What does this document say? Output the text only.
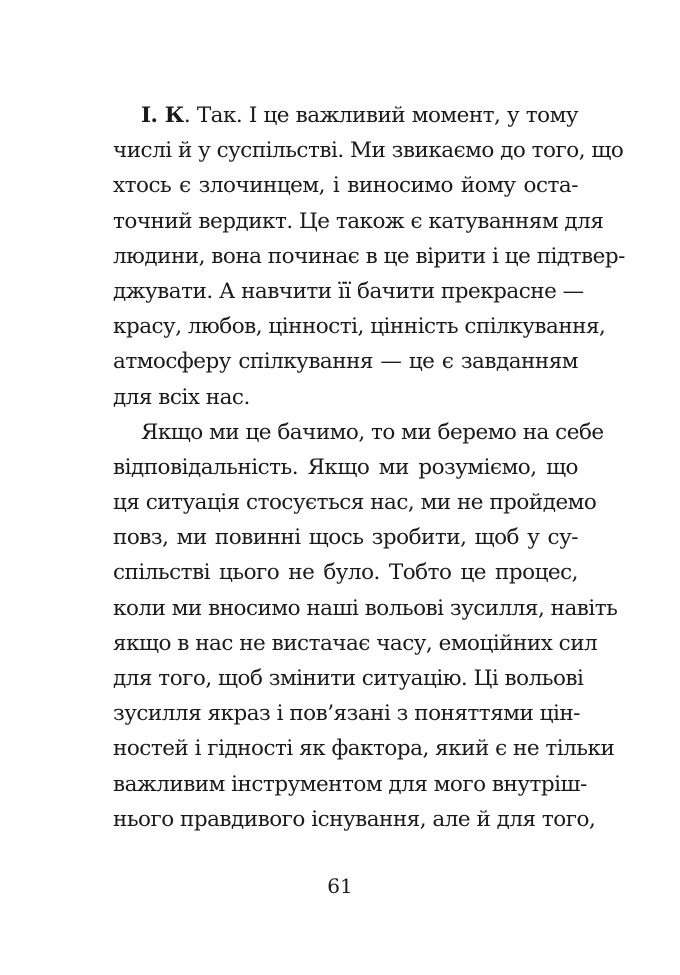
І. К. Так. І це важливий момент, у тому
числі й у суспільстві. Ми звикаємо до того, що
хтось є злочинцем, і виносимо йому оста-
точний вердикт. Це також є катуванням для
людини, вона починає в це вірити і це підтвер-
джувати. А навчити її бачити прекрасне —
красу, любов, цінності, цінність спілкування,
атмосферу спілкування — це є завданням
для всіх нас.
Якщо ми це бачимо, то ми беремо на себе
відповідальність. Якщо ми розуміємо, що
ця ситуація стосується нас, ми не пройдемо
повз, ми повинні щось зробити, щоб у су-
спільстві цього не було. Тобто це процес,
коли ми вносимо наші вольові зусилля, навіть
якщо в нас не вистачає часу, емоційних сил
для того, щоб змінити ситуацію. Ці вольові
зусилля якраз і пов’язані з поняттями цін-
ностей і гідності як фактора, який є не тільки
важливим інструментом для мого внутріш-
нього правдивого існування, але й для того,
61
